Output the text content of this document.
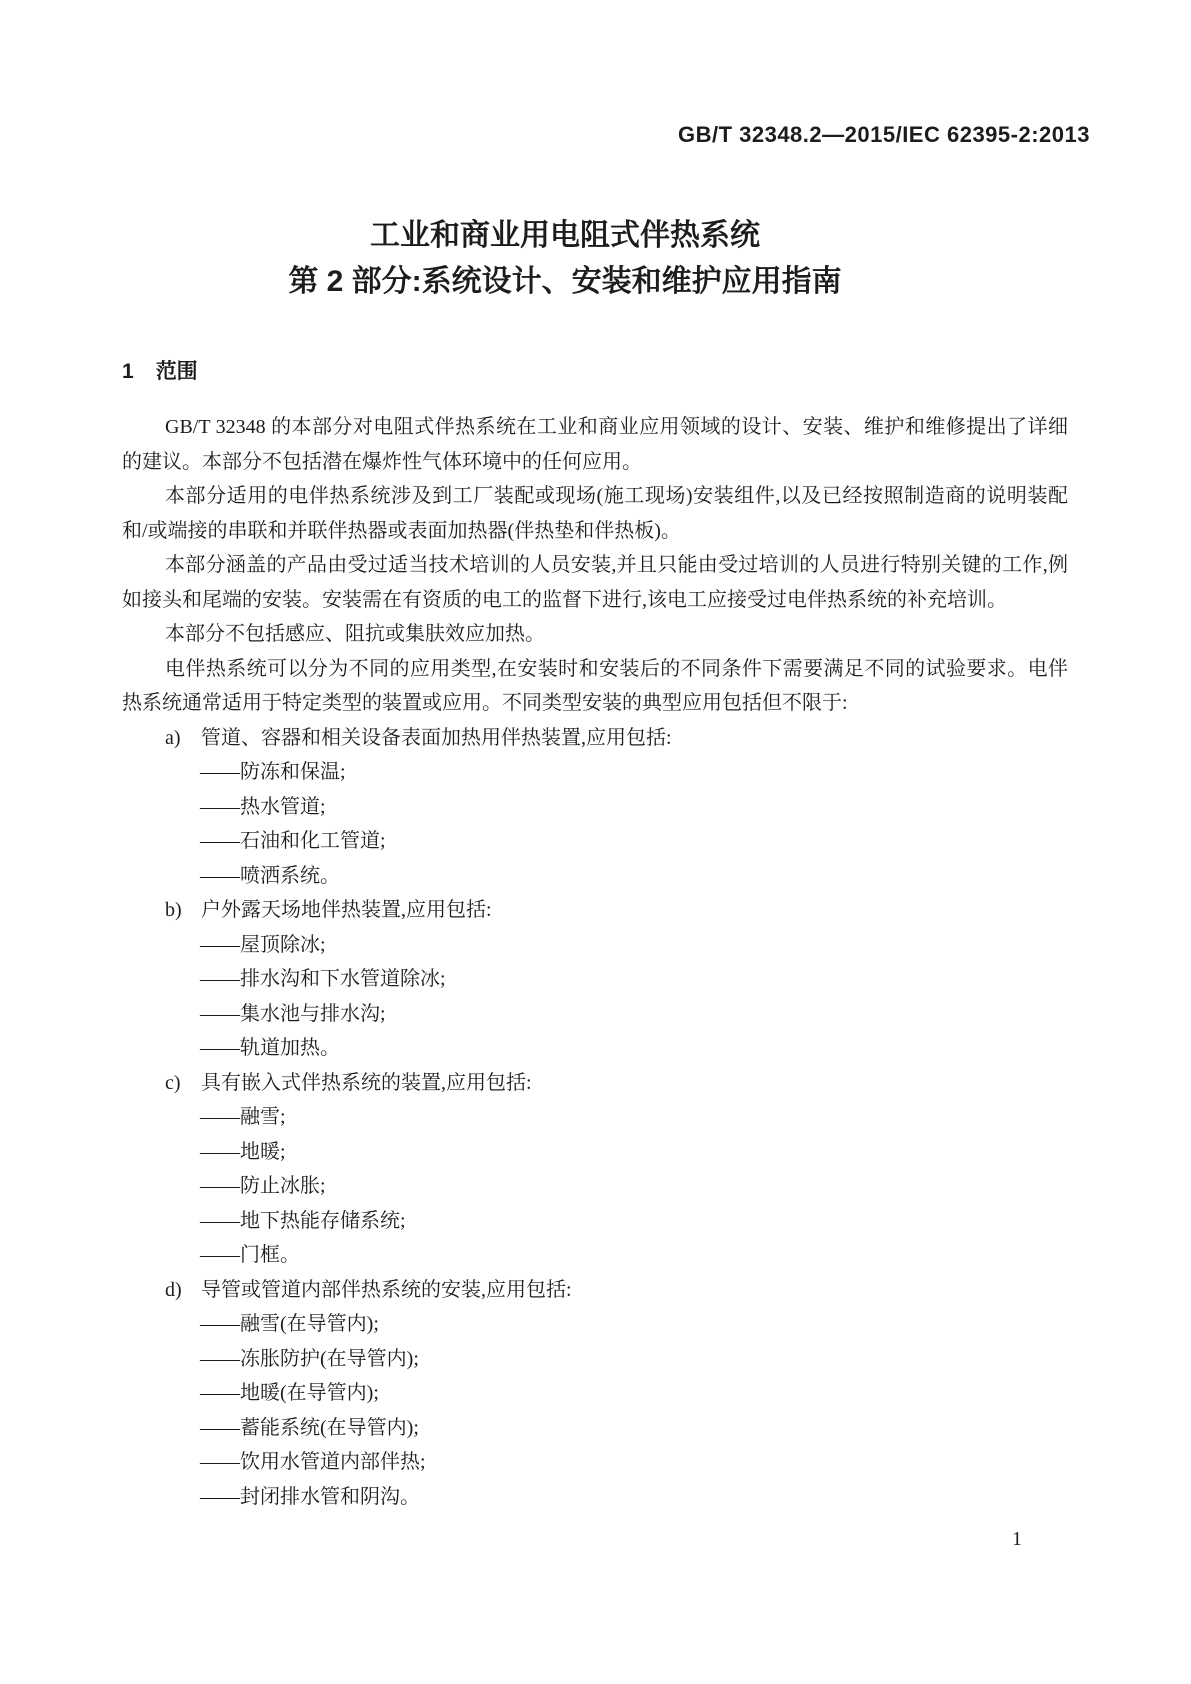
GB/T 32348.2—2015/IEC 62395-2:2013
工业和商业用电阻式伴热系统
第 2 部分:系统设计、安装和维护应用指南
1 范围

GB/T 32348 的本部分对电阻式伴热系统在工业和商业应用领域的设计、安装、维护和维修提出了详细的建议。本部分不包括潜在爆炸性气体环境中的任何应用。

本部分适用的电伴热系统涉及到工厂装配或现场(施工现场)安装组件,以及已经按照制造商的说明装配和/或端接的串联和并联伴热器或表面加热器(伴热垫和伴热板)。

本部分涵盖的产品由受过适当技术培训的人员安装,并且只能由受过培训的人员进行特别关键的工作,例如接头和尾端的安装。安装需在有资质的电工的监督下进行,该电工应接受过电伴热系统的补充培训。

本部分不包括感应、阻抗或集肤效应加热。

电伴热系统可以分为不同的应用类型,在安装时和安装后的不同条件下需要满足不同的试验要求。电伴热系统通常适用于特定类型的装置或应用。不同类型安装的典型应用包括但不限于:

a) 管道、容器和相关设备表面加热用伴热装置,应用包括:
——防冻和保温;
——热水管道;
——石油和化工管道;
——喷洒系统。
b) 户外露天场地伴热装置,应用包括:
——屋顶除冰;
——排水沟和下水管道除冰;
——集水池与排水沟;
——轨道加热。
c) 具有嵌入式伴热系统的装置,应用包括:
——融雪;
——地暖;
——防止冰胀;
——地下热能存储系统;
——门框。
d) 导管或管道内部伴热系统的安装,应用包括:
——融雪(在导管内);
——冻胀防护(在导管内);
——地暖(在导管内);
——蓄能系统(在导管内);
——饮用水管道内部伴热;
——封闭排水管和阴沟。
1
